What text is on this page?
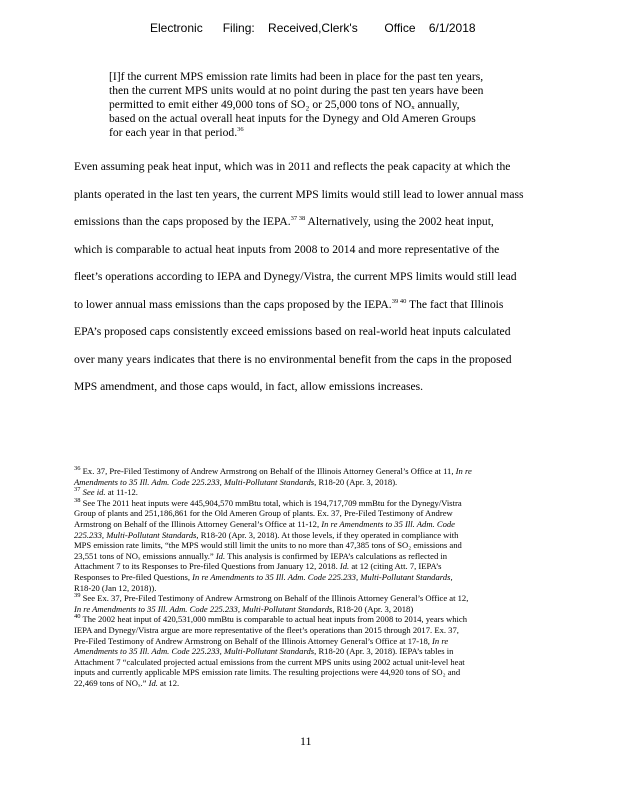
Electronic      Filing:    Received,Clerk's        Office    6/1/2018
[I]f the current MPS emission rate limits had been in place for the past ten years,
then the current MPS units would at no point during the past ten years have been
permitted to emit either 49,000 tons of SO₂ or 25,000 tons of NOₓ annually,
based on the actual overall heat inputs for the Dynegy and Old Ameren Groups
for each year in that period.$^{36}$
Even assuming peak heat input, which was in 2011 and reflects the peak capacity at which the
plants operated in the last ten years, the current MPS limits would still lead to lower annual mass
emissions than the caps proposed by the IEPA.$^{37 38}$ Alternatively, using the 2002 heat input,
which is comparable to actual heat inputs from 2008 to 2014 and more representative of the
fleet’s operations according to IEPA and Dynegy/Vistra, the current MPS limits would still lead
to lower annual mass emissions than the caps proposed by the IEPA.$^{39 40}$ The fact that Illinois
EPA’s proposed caps consistently exceed emissions based on real-world heat inputs calculated
over many years indicates that there is no environmental benefit from the caps in the proposed
MPS amendment, and those caps would, in fact, allow emissions increases.
$^{36}$ Ex. 37, Pre-Filed Testimony of Andrew Armstrong on Behalf of the Illinois Attorney General’s Office at 11, In re
Amendments to 35 Ill. Adm. Code 225.233, Multi-Pollutant Standards, R18-20 (Apr. 3, 2018).
$^{37}$ See id. at 11-12.
$^{38}$ See The 2011 heat inputs were 445,904,570 mmBtu total, which is 194,717,709 mmBtu for the Dynegy/Vistra
Group of plants and 251,186,861 for the Old Ameren Group of plants. Ex. 37, Pre-Filed Testimony of Andrew
Armstrong on Behalf of the Illinois Attorney General’s Office at 11-12, In re Amendments to 35 Ill. Adm. Code
225.233, Multi-Pollutant Standards, R18-20 (Apr. 3, 2018). At those levels, if they operated in compliance with
MPS emission rate limits, “the MPS would still limit the units to no more than 47,385 tons of SO₂ emissions and
23,551 tons of NOₓ emissions annually.” Id. This analysis is confirmed by IEPA’s calculations as reflected in
Attachment 7 to its Responses to Pre-filed Questions from January 12, 2018. Id. at 12 (citing Att. 7, IEPA’s
Responses to Pre-filed Questions, In re Amendments to 35 Ill. Adm. Code 225.233, Multi-Pollutant Standards,
R18-20 (Jan 12, 2018)).
$^{39}$ See Ex. 37, Pre-Filed Testimony of Andrew Armstrong on Behalf of the Illinois Attorney General’s Office at 12,
In re Amendments to 35 Ill. Adm. Code 225.233, Multi-Pollutant Standards, R18-20 (Apr. 3, 2018)
$^{40}$ The 2002 heat input of 420,531,000 mmBtu is comparable to actual heat inputs from 2008 to 2014, years which
IEPA and Dynegy/Vistra argue are more representative of the fleet’s operations than 2015 through 2017. Ex. 37,
Pre-Filed Testimony of Andrew Armstrong on Behalf of the Illinois Attorney General’s Office at 17-18, In re
Amendments to 35 Ill. Adm. Code 225.233, Multi-Pollutant Standards, R18-20 (Apr. 3, 2018). IEPA’s tables in
Attachment 7 “calculated projected actual emissions from the current MPS units using 2002 actual unit-level heat
inputs and currently applicable MPS emission rate limits. The resulting projections were 44,920 tons of SO₂ and
22,469 tons of NOₓ.” Id. at 12.
11
